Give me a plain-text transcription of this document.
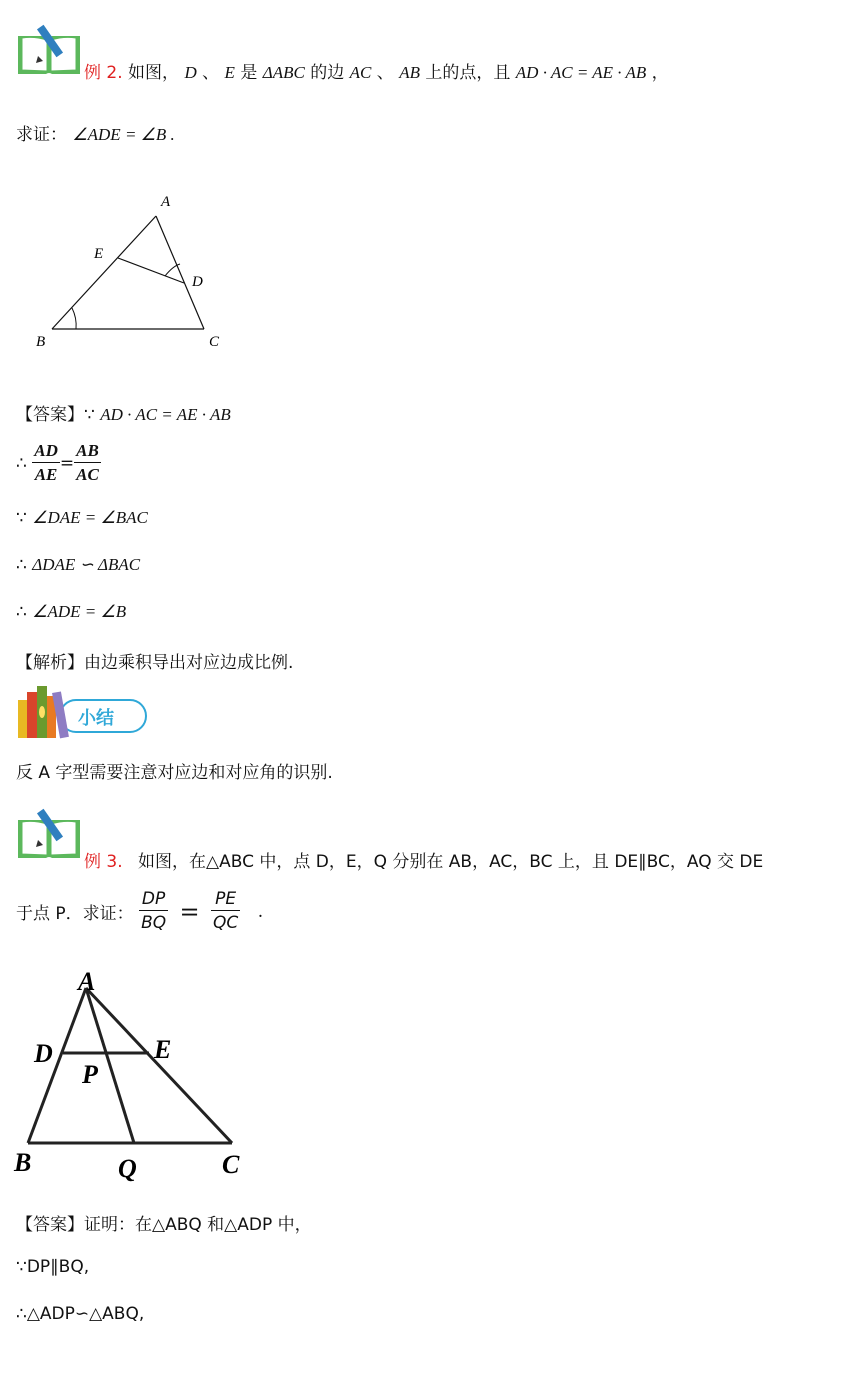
例 2. 如图， D 、 E 是 ΔABC 的边 AC 、 AB 上的点，且 AD · AC = AE · AB ，
求证： ∠ADE = ∠B .
A
E
D
B	C
【答案】∵ AD · AC = AE · AB
∴ $\frac{AD}{AE} = \frac{AB}{AC}$
∵ ∠DAE = ∠BAC
∴ ΔDAE ∽ ΔBAC
∴ ∠ADE = ∠B
【解析】由边乘积导出对应边成比例.
小结
反 A 字型需要注意对应边和对应角的识别.
例 3. 如图，在△ABC 中，点 D，E，Q 分别在 AB，AC，BC 上，且 DE∥BC，AQ 交 DE
于点 P．求证： $\frac{DP}{BQ} = \frac{PE}{QC}$ .
A
D	E
P
B	Q	C
【答案】证明：在△ABQ 和△ADP 中，
∵DP∥BQ,
∴△ADP∽△ABQ,
